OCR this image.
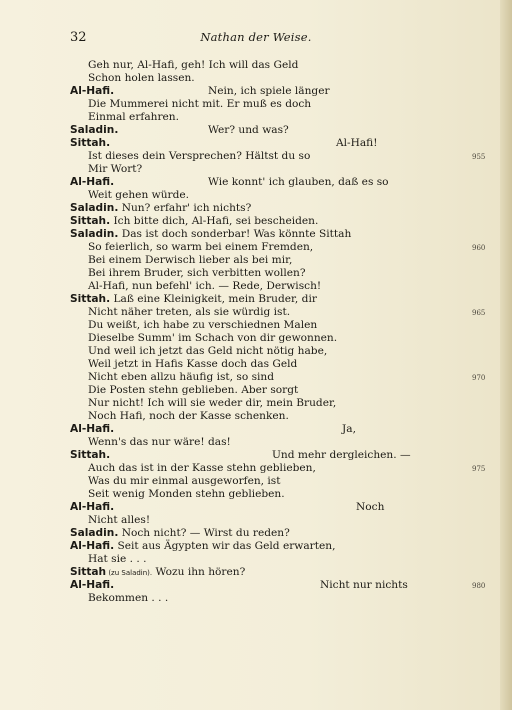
32	Nathan der Weise.
Geh nur, Al-Hafi, geh! Ich will das Geld
Schon holen lassen.
Al-Hafi.	Nein, ich spiele länger
Die Mummerei nicht mit. Er muß es doch
Einmal erfahren.
Saladin.	Wer? und was?
Sittah.	Al-Hafi!
Ist dieses dein Versprechen? Hältst du so	955
Mir Wort?
Al-Hafi.	Wie konnt' ich glauben, daß es so
Weit gehen würde.
Saladin. Nun? erfahr' ich nichts?
Sittah. Ich bitte dich, Al-Hafi, sei bescheiden.
Saladin. Das ist doch sonderbar! Was könnte Sittah
So feierlich, so warm bei einem Fremden,	960
Bei einem Derwisch lieber als bei mir,
Bei ihrem Bruder, sich verbitten wollen?
Al-Hafi, nun befehl' ich. — Rede, Derwisch!
Sittah. Laß eine Kleinigkeit, mein Bruder, dir
Nicht näher treten, als sie würdig ist.	965
Du weißt, ich habe zu verschiednen Malen
Dieselbe Summ' im Schach von dir gewonnen.
Und weil ich jetzt das Geld nicht nötig habe,
Weil jetzt in Hafis Kasse doch das Geld
Nicht eben allzu häufig ist, so sind	970
Die Posten stehn geblieben. Aber sorgt
Nur nicht! Ich will sie weder dir, mein Bruder,
Noch Hafi, noch der Kasse schenken.
Al-Hafi.	Ja,
Wenn's das nur wäre! das!
Sittah.	Und mehr dergleichen. —
Auch das ist in der Kasse stehn geblieben,	975
Was du mir einmal ausgeworfen, ist
Seit wenig Monden stehn geblieben.
Al-Hafi.	Noch
Nicht alles!
Saladin. Noch nicht? — Wirst du reden?
Al-Hafi. Seit aus Ägypten wir das Geld erwarten,
Hat sie . . .
Sittah (zu Saladin). Wozu ihn hören?
Al-Hafi.	Nicht nur nichts	980
Bekommen . . .
